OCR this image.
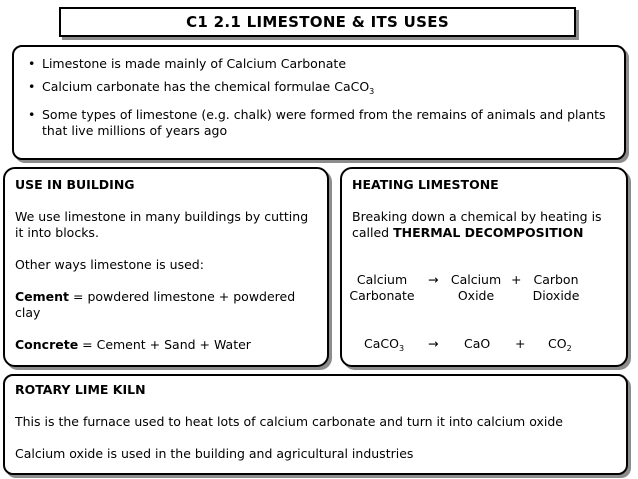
C1 2.1 LIMESTONE & ITS USES
• Limestone is made mainly of Calcium Carbonate
• Calcium carbonate has the chemical formulae CaCO$_3$
• Some types of limestone (e.g. chalk) were formed from the remains of animals and plants that live millions of years ago
USE IN BUILDING

We use limestone in many buildings by cutting it into blocks.

Other ways limestone is used:

Cement = powdered limestone + powdered clay

Concrete = Cement + Sand + Water

HEATING LIMESTONE

Breaking down a chemical by heating is called THERMAL DECOMPOSITION

Calcium
Carbonate
→ Calcium
Oxide
+ Carbon
Dioxide
CaCO$_3$ → CaO + $CO_2$
ROTARY LIME KILN

This is the furnace used to heat lots of calcium carbonate and turn it into calcium oxide

Calcium oxide is used in the building and agricultural industries
